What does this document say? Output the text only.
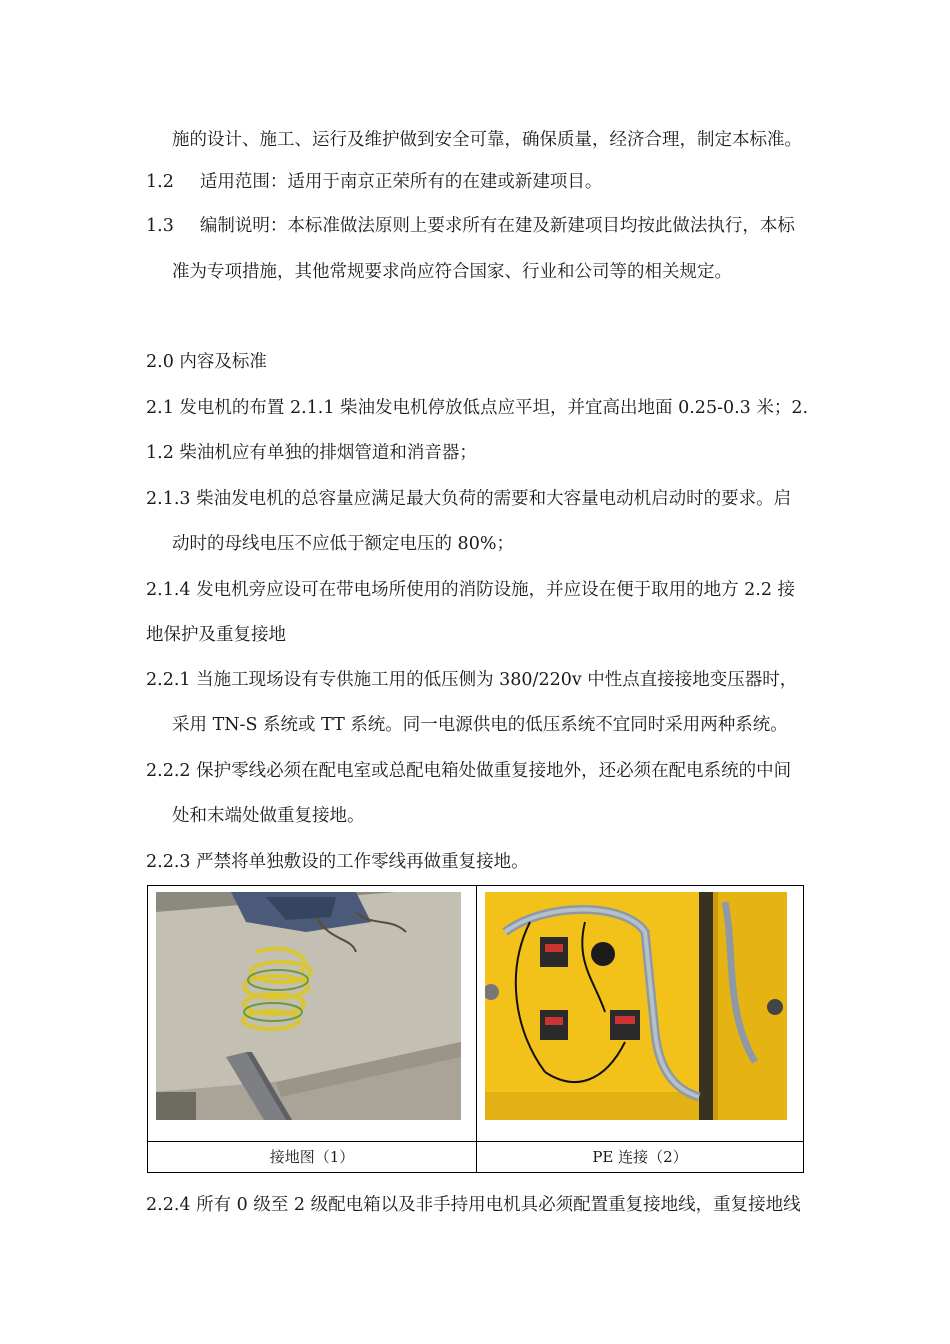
施的设计、施工、运行及维护做到安全可靠，确保质量，经济合理，制定本标准。
1.2 适用范围：适用于南京正荣所有的在建或新建项目。
1.3 编制说明：本标准做法原则上要求所有在建及新建项目均按此做法执行，本标
准为专项措施，其他常规要求尚应符合国家、行业和公司等的相关规定。
2.0 内容及标准
2.1 发电机的布置 2.1.1 柴油发电机停放低点应平坦，并宜高出地面 0.25-0.3 米；2.
1.2 柴油机应有单独的排烟管道和消音器；
2.1.3 柴油发电机的总容量应满足最大负荷的需要和大容量电动机启动时的要求。启
动时的母线电压不应低于额定电压的 80%；
2.1.4 发电机旁应设可在带电场所使用的消防设施，并应设在便于取用的地方 2.2 接
地保护及重复接地
2.2.1 当施工现场设有专供施工用的低压侧为 380/220v 中性点直接接地变压器时，
采用 TN-S 系统或 TT 系统。同一电源供电的低压系统不宜同时采用两种系统。
2.2.2 保护零线必须在配电室或总配电箱处做重复接地外，还必须在配电系统的中间
处和末端处做重复接地。
2.2.3 严禁将单独敷设的工作零线再做重复接地。
接地图（1）	PE 连接（2）
2.2.4 所有 0 级至 2 级配电箱以及非手持用电机具必须配置重复接地线，重复接地线
